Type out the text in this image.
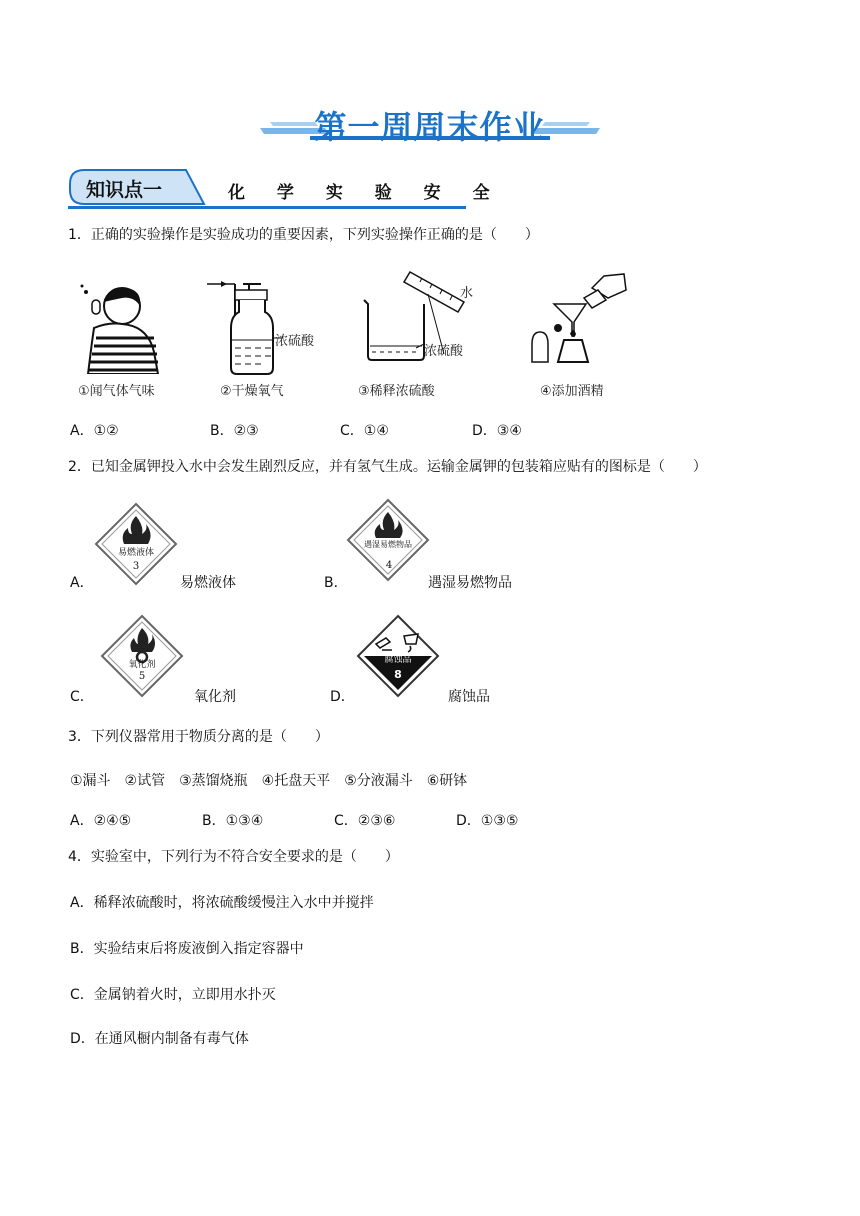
第一周周末作业
知识点一	化 学 实 验 安 全
1．正确的实验操作是实验成功的重要因素，下列实验操作正确的是（　　）
①闻气体气味
浓硫酸
②干燥氧气
水
浓硫酸
③稀释浓硫酸	④添加酒精
A．①②	B．②③	C．①④	D．③④
2．已知金属钾投入水中会发生剧烈反应，并有氢气生成。运输金属钾的包装箱应贴有的图标是（　　）
A．
易燃液体
3
易燃液体	B．
遇湿易燃物品
4
遇湿易燃物品
C．
氧化剂
5
氧化剂	D．
腐蚀品
8
腐蚀品
3．下列仪器常用于物质分离的是（　　）
①漏斗　②试管　③蒸馏烧瓶　④托盘天平　⑤分液漏斗　⑥研钵
A．②④⑤	B．①③④	C．②③⑥	D．①③⑤
4．实验室中，下列行为不符合安全要求的是（　　）
A．稀释浓硫酸时，将浓硫酸缓慢注入水中并搅拌
B．实验结束后将废液倒入指定容器中
C．金属钠着火时，立即用水扑灭
D．在通风橱内制备有毒气体
